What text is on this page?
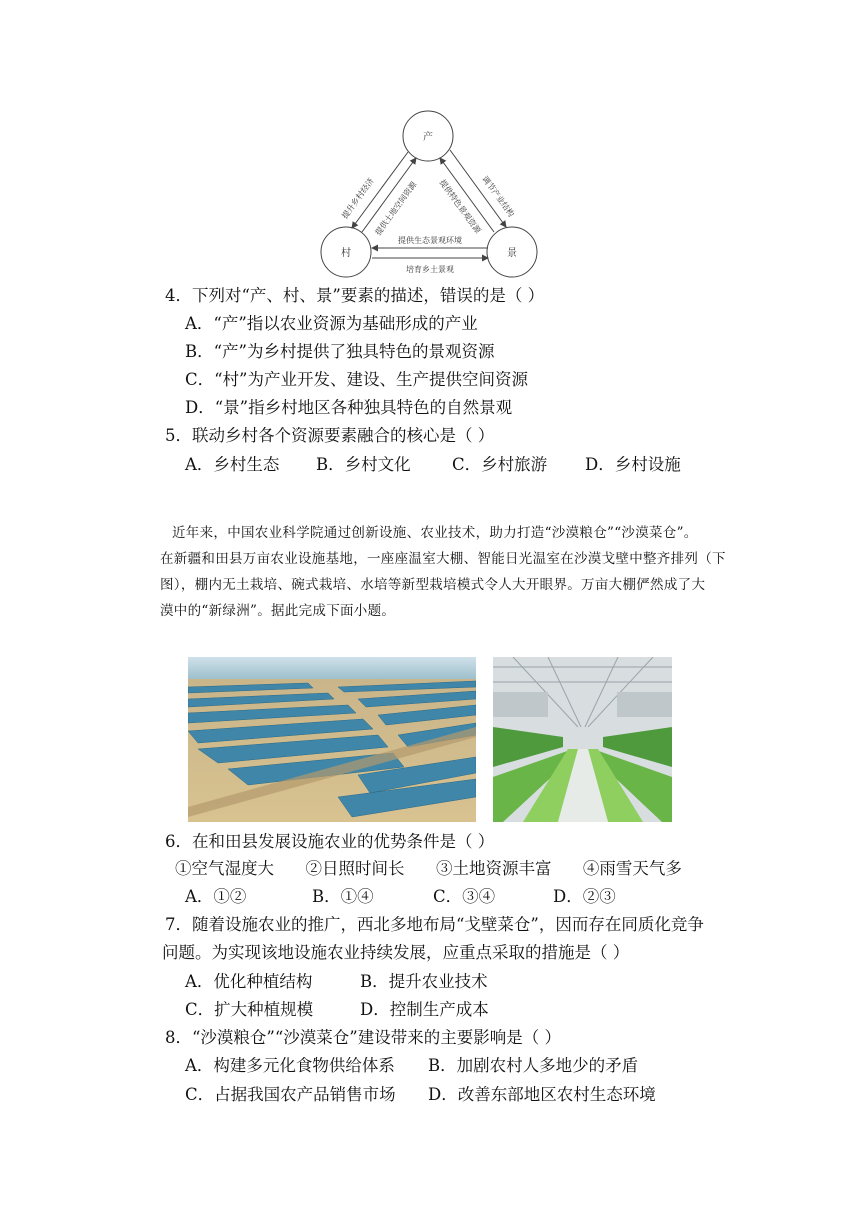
产
村	景
提升乡村经济
提供土地空间资源 提供特色景观资源
调节产业结构
提供生态景观环境
培育乡土景观
4．下列对“产、村、景”要素的描述，错误的是（ ）
A．“产”指以农业资源为基础形成的产业
B．“产”为乡村提供了独具特色的景观资源
C．“村”为产业开发、建设、生产提供空间资源
D．“景”指乡村地区各种独具特色的自然景观
5．联动乡村各个资源要素融合的核心是（ ）
A．乡村生态 B．乡村文化	C．乡村旅游 D．乡村设施
近年来，中国农业科学院通过创新设施、农业技术，助力打造“沙漠粮仓”“沙漠菜仓”。
在新疆和田县万亩农业设施基地，一座座温室大棚、智能日光温室在沙漠戈壁中整齐排列（下
图），棚内无土栽培、碗式栽培、水培等新型栽培模式令人大开眼界。万亩大棚俨然成了大
漠中的“新绿洲”。据此完成下面小题。
6．在和田县发展设施农业的优势条件是（ ）
①空气湿度大      ②日照时间长      ③土地资源丰富      ④雨雪天气多
A．①②	B．①④	C．③④	D．②③
7．随着设施农业的推广，西北多地布局“戈壁菜仓”，因而存在同质化竞争
问题。为实现该地设施农业持续发展，应重点采取的措施是（ ）
A．优化种植结构	B．提升农业技术
C．扩大种植规模	D．控制生产成本
8．“沙漠粮仓”“沙漠菜仓”建设带来的主要影响是（ ）
A．构建多元化食物供给体系 B．加剧农村人多地少的矛盾
C．占据我国农产品销售市场 D．改善东部地区农村生态环境
